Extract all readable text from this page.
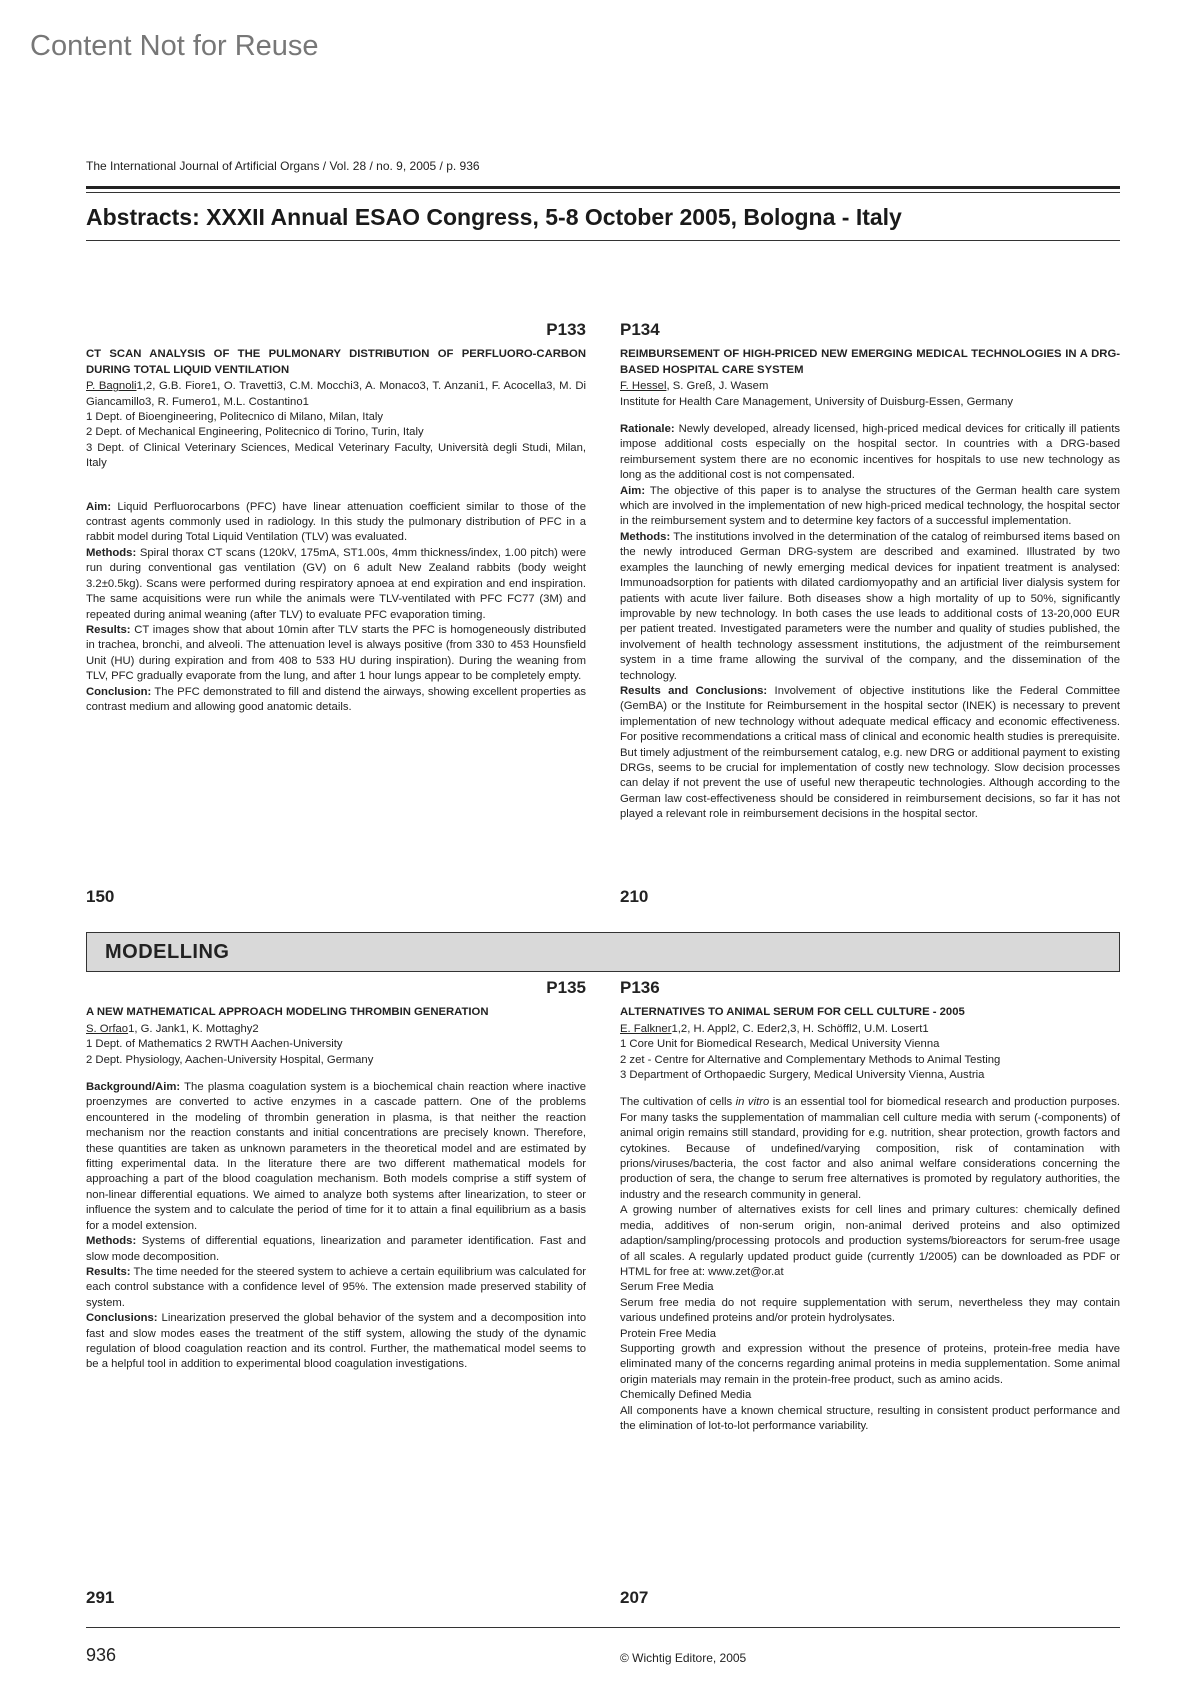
Content Not for Reuse
The International Journal of Artificial Organs / Vol. 28 / no. 9, 2005 / p. 936
Abstracts: XXXII Annual ESAO Congress, 5-8 October 2005, Bologna - Italy
P133
CT SCAN ANALYSIS OF THE PULMONARY DISTRIBUTION OF PERFLUORO-CARBON DURING TOTAL LIQUID VENTILATION
P. Bagnoli1,2, G.B. Fiore1, O. Travetti3, C.M. Mocchi3, A. Monaco3, T. Anzani1, F. Acocella3, M. Di Giancamillo3, R. Fumero1, M.L. Costantino1

1 Dept. of Bioengineering, Politecnico di Milano, Milan, Italy

2 Dept. of Mechanical Engineering, Politecnico di Torino, Turin, Italy

3 Dept. of Clinical Veterinary Sciences, Medical Veterinary Faculty, Università degli Studi, Milan, Italy

Aim: Liquid Perfluorocarbons (PFC) have linear attenuation coefficient similar to those of the contrast agents commonly used in radiology. In this study the pulmonary distribution of PFC in a rabbit model during Total Liquid Ventilation (TLV) was evaluated.

Methods: Spiral thorax CT scans (120kV, 175mA, ST1.00s, 4mm thickness/index, 1.00 pitch) were run during conventional gas ventilation (GV) on 6 adult New Zealand rabbits (body weight 3.2±0.5kg). Scans were performed during respiratory apnoea at end expiration and end inspiration. The same acquisitions were run while the animals were TLV-ventilated with PFC FC77 (3M) and repeated during animal weaning (after TLV) to evaluate PFC evaporation timing.

Results: CT images show that about 10min after TLV starts the PFC is homogeneously distributed in trachea, bronchi, and alveoli. The attenuation level is always positive (from 330 to 453 Hounsfield Unit (HU) during expiration and from 408 to 533 HU during inspiration). During the weaning from TLV, PFC gradually evaporate from the lung, and after 1 hour lungs appear to be completely empty.

Conclusion: The PFC demonstrated to fill and distend the airways, showing excellent properties as contrast medium and allowing good anatomic details.

150
P134
REIMBURSEMENT OF HIGH-PRICED NEW EMERGING MEDICAL TECHNOLOGIES IN A DRG-BASED HOSPITAL CARE SYSTEM
F. Hessel, S. Greß, J. Wasem

Institute for Health Care Management, University of Duisburg-Essen, Germany

Rationale: Newly developed, already licensed, high-priced medical devices for critically ill patients impose additional costs especially on the hospital sector. In countries with a DRG-based reimbursement system there are no economic incentives for hospitals to use new technology as long as the additional cost is not compensated.

Aim: The objective of this paper is to analyse the structures of the German health care system which are involved in the implementation of new high-priced medical technology, the hospital sector in the reimbursement system and to determine key factors of a successful implementation.

Methods: The institutions involved in the determination of the catalog of reimbursed items based on the newly introduced German DRG-system are described and examined. Illustrated by two examples the launching of newly emerging medical devices for inpatient treatment is analysed: Immunoadsorption for patients with dilated cardiomyopathy and an artificial liver dialysis system for patients with acute liver failure. Both diseases show a high mortality of up to 50%, significantly improvable by new technology. In both cases the use leads to additional costs of 13-20,000 EUR per patient treated. Investigated parameters were the number and quality of studies published, the involvement of health technology assessment institutions, the adjustment of the reimbursement system in a time frame allowing the survival of the company, and the dissemination of the technology.

Results and Conclusions: Involvement of objective institutions like the Federal Committee (GemBA) or the Institute for Reimbursement in the hospital sector (INEK) is necessary to prevent implementation of new technology without adequate medical efficacy and economic effectiveness. For positive recommendations a critical mass of clinical and economic health studies is prerequisite. But timely adjustment of the reimbursement catalog, e.g. new DRG or additional payment to existing DRGs, seems to be crucial for implementation of costly new technology. Slow decision processes can delay if not prevent the use of useful new therapeutic technologies. Although according to the German law cost-effectiveness should be considered in reimbursement decisions, so far it has not played a relevant role in reimbursement decisions in the hospital sector.

210
MODELLING
P135
A NEW MATHEMATICAL APPROACH MODELING THROMBIN GENERATION
S. Orfao1, G. Jank1, K. Mottaghy2

1 Dept. of Mathematics 2 RWTH Aachen-University

2 Dept. Physiology, Aachen-University Hospital, Germany

Background/Aim: The plasma coagulation system is a biochemical chain reaction where inactive proenzymes are converted to active enzymes in a cascade pattern. One of the problems encountered in the modeling of thrombin generation in plasma, is that neither the reaction mechanism nor the reaction constants and initial concentrations are precisely known. Therefore, these quantities are taken as unknown parameters in the theoretical model and are estimated by fitting experimental data. In the literature there are two different mathematical models for approaching a part of the blood coagulation mechanism. Both models comprise a stiff system of non-linear differential equations. We aimed to analyze both systems after linearization, to steer or influence the system and to calculate the period of time for it to attain a final equilibrium as a basis for a model extension.

Methods: Systems of differential equations, linearization and parameter identification. Fast and slow mode decomposition.

Results: The time needed for the steered system to achieve a certain equilibrium was calculated for each control substance with a confidence level of 95%. The extension made preserved stability of system.

Conclusions: Linearization preserved the global behavior of the system and a decomposition into fast and slow modes eases the treatment of the stiff system, allowing the study of the dynamic regulation of blood coagulation reaction and its control. Further, the mathematical model seems to be a helpful tool in addition to experimental blood coagulation investigations.

291
P136
ALTERNATIVES TO ANIMAL SERUM FOR CELL CULTURE - 2005
E. Falkner1,2, H. Appl2, C. Eder2,3, H. Schöffl2, U.M. Losert1

1 Core Unit for Biomedical Research, Medical University Vienna

2 zet - Centre for Alternative and Complementary Methods to Animal Testing

3 Department of Orthopaedic Surgery, Medical University Vienna, Austria

The cultivation of cells in vitro is an essential tool for biomedical research and production purposes. For many tasks the supplementation of mammalian cell culture media with serum (-components) of animal origin remains still standard, providing for e.g. nutrition, shear protection, growth factors and cytokines. Because of undefined/varying composition, risk of contamination with prions/viruses/bacteria, the cost factor and also animal welfare considerations concerning the production of sera, the change to serum free alternatives is promoted by regulatory authorities, the industry and the research community in general.

A growing number of alternatives exists for cell lines and primary cultures: chemically defined media, additives of non-serum origin, non-animal derived proteins and also optimized adaption/sampling/processing protocols and production systems/bioreactors for serum-free usage of all scales. A regularly updated product guide (currently 1/2005) can be downloaded as PDF or HTML for free at: www.zet@or.at

Serum Free Media

Serum free media do not require supplementation with serum, nevertheless they may contain various undefined proteins and/or protein hydrolysates.

Protein Free Media

Supporting growth and expression without the presence of proteins, protein-free media have eliminated many of the concerns regarding animal proteins in media supplementation. Some animal origin materials may remain in the protein-free product, such as amino acids.

Chemically Defined Media

All components have a known chemical structure, resulting in consistent product performance and the elimination of lot-to-lot performance variability.

207
936	© Wichtig Editore, 2005
